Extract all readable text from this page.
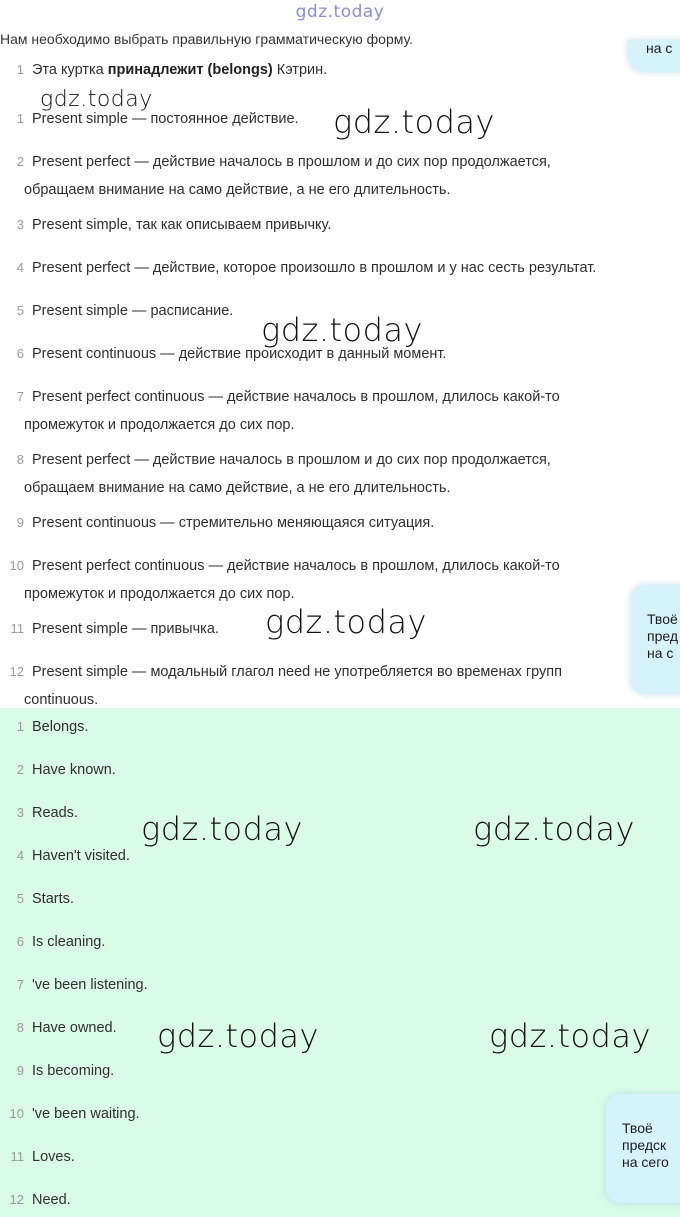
gdz.today
Нам необходимо выбрать правильную грамматическую форму.
1 Эта куртка принадлежит (belongs) Кэтрин.
1 Present simple — постоянное действие.
2 Present perfect — действие началось в прошлом и до сих пор продолжается,
обращаем внимание на само действие, а не его длительность.
3 Present simple, так как описываем привычку.
4 Present perfect — действие, которое произошло в прошлом и у нас сесть результат.
5 Present simple — расписание.
6 Present continuous — действие происходит в данный момент.
7 Present perfect continuous — действие началось в прошлом, длилось какой-то
промежуток и продолжается до сих пор.
8 Present perfect — действие началось в прошлом и до сих пор продолжается,
обращаем внимание на само действие, а не его длительность.
9 Present continuous — стремительно меняющаяся ситуация.
10 Present perfect continuous — действие началось в прошлом, длилось какой-то
промежуток и продолжается до сих пор.
11 Present simple — привычка.
12 Present simple — модальный глагол need не употребляется во временах групп
continuous.
1 Belongs.
2 Have known.
3 Reads.
4 Haven't visited.
5 Starts.
6 Is cleaning.
7 've been listening.
8 Have owned.
9 Is becoming.
10 've been waiting.
11 Loves.
12 Need.
gdz.today
gdz.today
gdz.today
gdz.today
gdz.today	gdz.today
gdz.today	gdz.today
на с
Твоё
пред
на с
Твоё
предск
на сего
